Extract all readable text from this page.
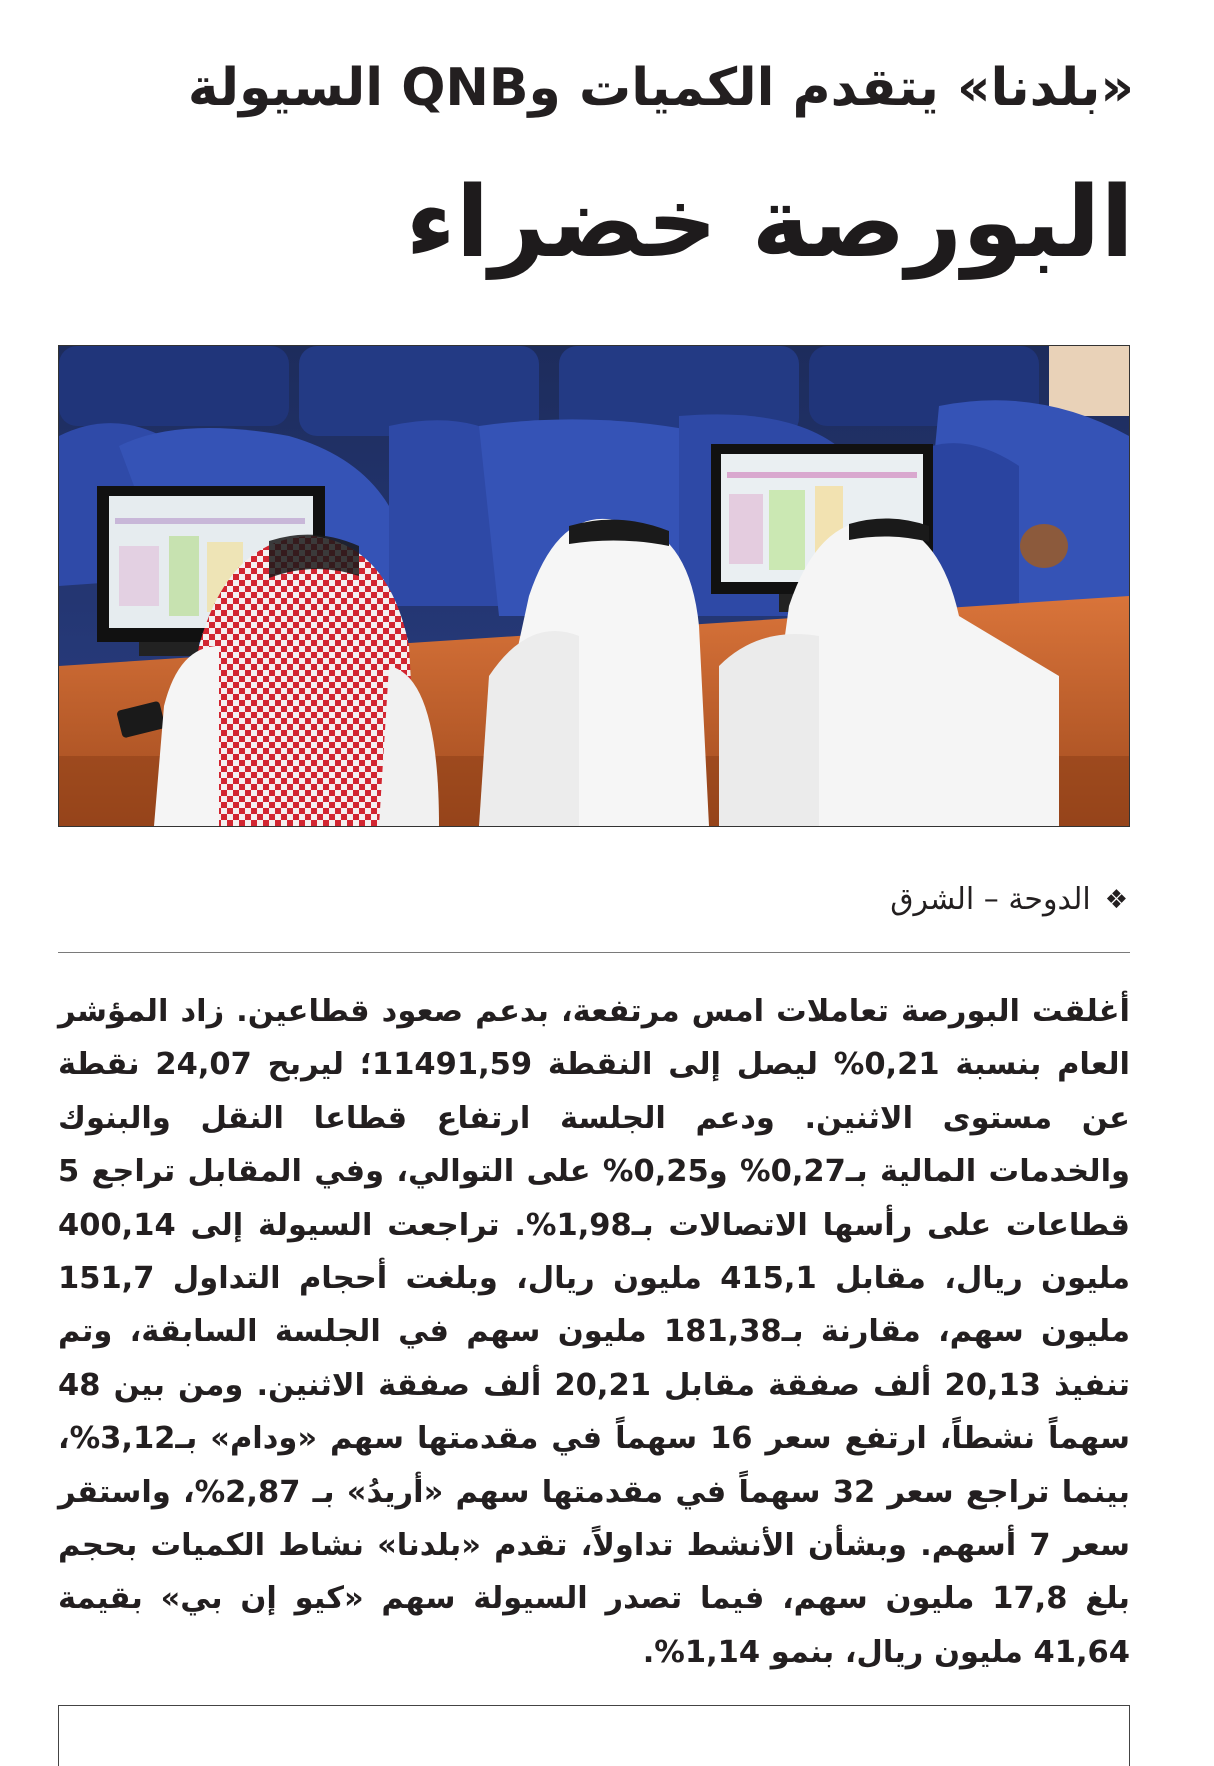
«بلدنا» يتقدم الكميات وQNB السيولة
البورصة خضراء
❖
الدوحة – الشرق
أغلقت البورصة تعاملات امس مرتفعة، بدعم صعود قطاعين. زاد المؤشر العام بنسبة 0,21% ليصل إلى النقطة 11491,59؛ ليربح 24,07 نقطة عن مستوى الاثنين. ودعم الجلسة ارتفاع قطاعا النقل والبنوك والخدمات المالية بـ0,27% و0,25% على التوالي، وفي المقابل تراجع 5 قطاعات على رأسها الاتصالات بـ1,98%. تراجعت السيولة إلى 400,14 مليون ريال، مقابل 415,1 مليون ريال، وبلغت أحجام التداول 151,7 مليون سهم، مقارنة بـ181,38 مليون سهم في الجلسة السابقة، وتم تنفيذ 20,13 ألف صفقة مقابل 20,21 ألف صفقة الاثنين. ومن بين 48 سهماً نشطاً، ارتفع سعر 16 سهماً في مقدمتها سهم «ودام» بـ3,12%، بينما تراجع سعر 32 سهماً في مقدمتها سهم «أريدُ» بـ 2,87%، واستقر سعر 7 أسهم. وبشأن الأنشط تداولاً، تقدم «بلدنا» نشاط الكميات بحجم بلغ 17,8 مليون سهم، فيما تصدر السيولة سهم «كيو إن بي» بقيمة 41,64 مليون ريال، بنمو 1,14%.
